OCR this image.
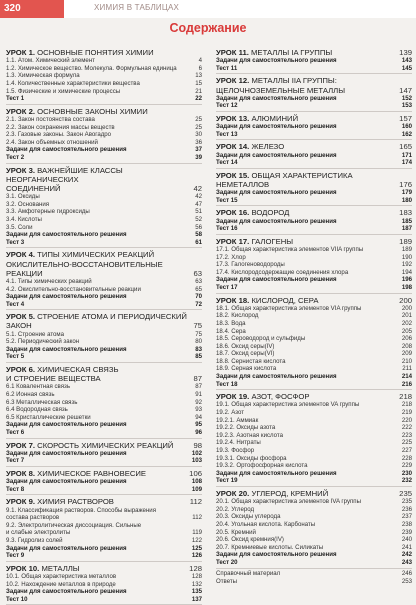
320	ХИМИЯ В ТАБЛИЦАХ
Содержание
УРОК 1. ОСНОВНЫЕ ПОНЯТИЯ ХИМИИ
1.1. Атом. Химический элемент	4
1.2. Химическое вещество. Молекула. Формульная единица	6
1.3. Химическая формула	13
1.4. Количественные характеристики вещества	15
1.5. Физические и химические процессы	21
Тест 1	22
УРОК 2. ОСНОВНЫЕ ЗАКОНЫ ХИМИИ
2.1. Закон постоянства состава	25
2.2. Закон сохранения массы веществ	25
2.3. Газовые законы. Закон Авогадро	30
2.4. Закон объемных отношений	36
Задачи для самостоятельного решения	37
Тест 2	39
УРОК 3. ВАЖНЕЙШИЕ КЛАССЫ НЕОРГАНИЧЕСКИХ
СОЕДИНЕНИЙ	42
3.1. Оксиды	42
3.2. Основания	47
3.3. Амфотерные гидроксиды	51
3.4. Кислоты	52
3.5. Соли	56
Задачи для самостоятельного решения	58
Тест 3	61
УРОК 4. ТИПЫ ХИМИЧЕСКИХ РЕАКЦИЙ
ОКИСЛИТЕЛЬНО-ВОССТАНОВИТЕЛЬНЫЕ РЕАКЦИИ	63
4.1. Типы химических реакций	63
4.2. Окислительно-восстановительные реакции	65
Задачи для самостоятельного решения	70
Тест 4	72
УРОК 5. СТРОЕНИЕ АТОМА И ПЕРИОДИЧЕСКИЙ ЗАКОН	75
5.1. Строение атома	75
5.2. Периодический закон	80
Задачи для самостоятельного решения	83
Тест 5	85
УРОК 6. ХИМИЧЕСКАЯ СВЯЗЬ
И СТРОЕНИЕ ВЕЩЕСТВА	87
6.1 Ковалентная связь	87
6.2 Ионная связь	91
6.3 Металлическая связь	92
6.4 Водородная связь	93
6.5 Кристаллические решетки	94
Задачи для самостоятельного решения	95
Тест 6	96
УРОК 7. СКОРОСТЬ ХИМИЧЕСКИХ РЕАКЦИЙ	98
Задачи для самостоятельного решения	102
Тест 7	103
УРОК 8. ХИМИЧЕСКОЕ РАВНОВЕСИЕ	106
Задачи для самостоятельного решения	108
Тест 8	109
УРОК 9. ХИМИЯ РАСТВОРОВ	112
9.1. Классификация растворов. Способы выражения
состава растворов	112
9.2. Электролитическая диссоциация. Сильные
и слабые электролиты	119
9.3. Гидролиз солей	122
Задачи для самостоятельного решения	125
Тест 9	126
УРОК 10. МЕТАЛЛЫ	128
10.1. Общая характеристика металлов	128
10.2. Нахождение металлов в природе	132
Задачи для самостоятельного решения	135
Тест 10	137
УРОК 11. МЕТАЛЛЫ IA ГРУППЫ	139
Задачи для самостоятельного решения	143
Тест 11	145
УРОК 12. МЕТАЛЛЫ IIA ГРУППЫ:
ЩЕЛОЧНОЗЕМЕЛЬНЫЕ МЕТАЛЛЫ	147
Задачи для самостоятельного решения	152
Тест 12	153
УРОК 13. АЛЮМИНИЙ	157
Задачи для самостоятельного решения	160
Тест 13	162
УРОК 14. ЖЕЛЕЗО	165
Задачи для самостоятельного решения	171
Тест 14	174
УРОК 15. ОБЩАЯ ХАРАКТЕРИСТИКА НЕМЕТАЛЛОВ	176
Задачи для самостоятельного решения	179
Тест 15	180
УРОК 16. ВОДОРОД	183
Задачи для самостоятельного решения	185
Тест 16	187
УРОК 17. ГАЛОГЕНЫ	189
17.1. Общая характеристика элементов VIIA группы	189
17.2. Хлор	190
17.3. Галогеноводороды	192
17.4. Кислородсодержащие соединения хлора	194
Задачи для самостоятельного решения	196
Тест 17	198
УРОК 18. КИСЛОРОД, СЕРА	200
18.1. Общая характеристика элементов VIA группы	200
18.2. Кислород	201
18.3. Вода	202
18.4. Сера	205
18.5. Сероводород и сульфиды	206
18.6. Оксид серы(IV)	208
18.7. Оксид серы(VI)	209
18.8. Сернистая кислота	210
18.9. Серная кислота	211
Задачи для самостоятельного решения	214
Тест 18	216
УРОК 19. АЗОТ, ФОСФОР	218
19.1. Общая характеристика элементов VA группы	218
19.2. Азот	219
19.2.1. Аммиак	220
19.2.2. Оксиды азота	222
19.2.3. Азотная кислота	223
19.2.4. Нитраты	225
19.3. Фосфор	227
19.3.1. Оксиды фосфора	228
19.3.2. Ортофосфорная кислота	229
Задачи для самостоятельного решения	230
Тест 19	232
УРОК 20. УГЛЕРОД, КРЕМНИЙ	235
20.1. Общая характеристика элементов IVA группы	235
20.2. Углерод	236
20.3. Оксиды углерода	237
20.4. Угольная кислота. Карбонаты	238
20.5. Кремний	239
20.6. Оксид кремния(IV)	240
20.7. Кремниевые кислоты. Силикаты	241
Задачи для самостоятельного решения	242
Тест 20	243
Справочный материал	246
Ответы	253
